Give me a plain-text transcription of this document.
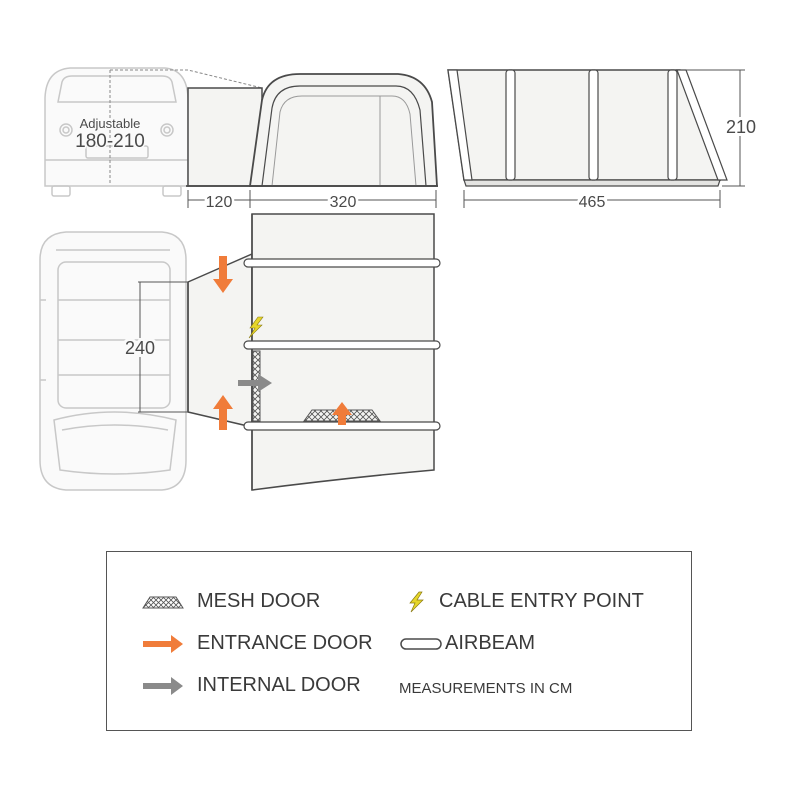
Adjustable
180-210
120	320
210
465
240
MESH DOOR
ENTRANCE DOOR
INTERNAL DOOR
CABLE ENTRY POINT
AIRBEAM
MEASUREMENTS IN CM
